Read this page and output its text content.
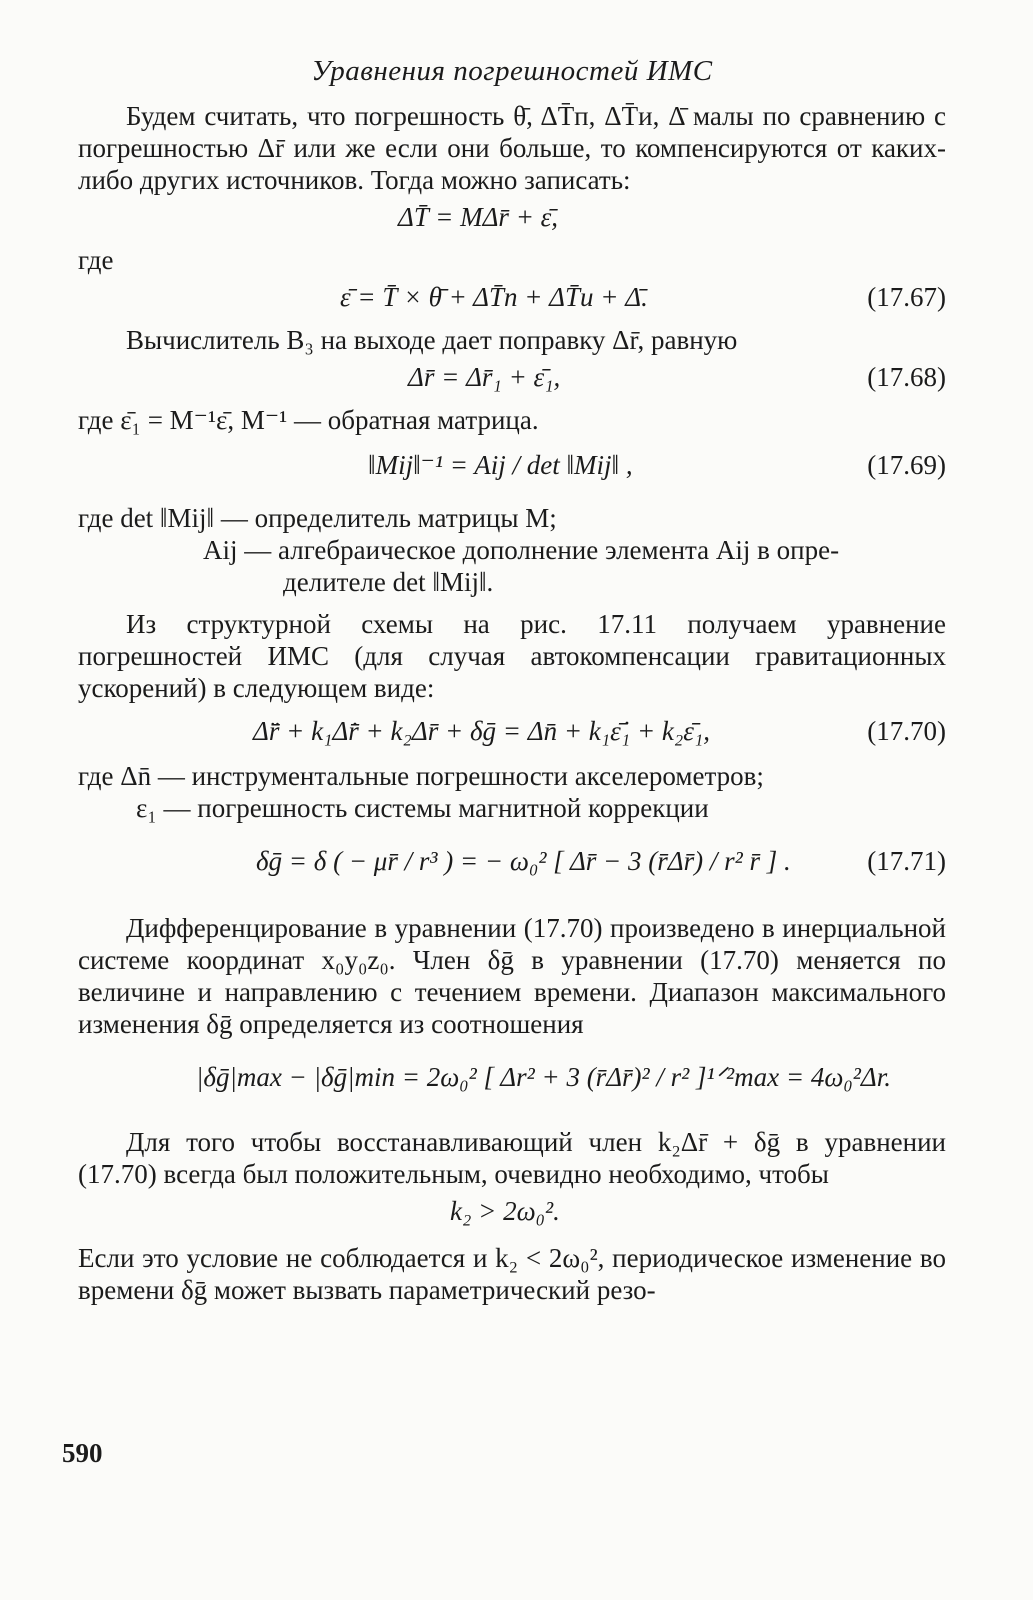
Уравнения погрешностей ИМС

Будем считать, что погрешность θ̄, ΔT̄п, ΔT̄и, Δ̄ малы по сравнению с погрешностью Δr̄ или же если они больше, то компенсируются от каких-либо других источников. Тогда можно записать:

ΔT̄ = MΔr̄ + ε̄,
где
ε̄ = T̄ × θ̄ + ΔT̄п + ΔT̄и + Δ̄.	(17.67)

Вычислитель B₃ на выходе дает поправку Δr̄, равную

Δr̄ = Δr̄₁ + ε̄₁,	(17.68)

где ε̄₁ = M⁻¹ε̄, M⁻¹ — обратная матрица.

‖Mij‖⁻¹ = Aij / det ‖Mij‖ ,	(17.69)
где det ‖Mij‖ — определитель матрицы M;
Aij — алгебраическое дополнение элемента Aij в опре-
делителе det ‖Mij‖.

Из структурной схемы на рис. 17.11 получаем уравнение погрешностей ИМС (для случая автокомпенсации гравитационных ускорений) в следующем виде:

Δr̄̈ + k₁Δr̄̇ + k₂Δr̄ + δḡ = Δn̄ + k₁ε̄̇₁ + k₂ε̄₁,	(17.70)
где Δn̄ — инструментальные погрешности акселерометров;
ε₁ — погрешность системы магнитной коррекции
δḡ = δ ( − μr̄ / r³ ) = − ω₀² [ Δr̄ − 3 (r̄Δr̄) / r² r̄ ] .	(17.71)

Дифференцирование в уравнении (17.70) произведено в инерциальной системе координат x₀y₀z₀. Член δḡ в уравнении (17.70) меняется по величине и направлению с течением времени. Диапазон максимального изменения δḡ определяется из соотношения

|δḡ|max − |δḡ|min = 2ω₀² [ Δr² + 3 (r̄Δr̄)² / r² ]¹ᐟ²max = 4ω₀²Δr.

Для того чтобы восстанавливающий член k₂Δr̄ + δḡ в уравнении (17.70) всегда был положительным, очевидно необходимо, чтобы

k₂ > 2ω₀².

Если это условие не соблюдается и k₂ < 2ω₀², периодическое изменение во времени δḡ может вызвать параметрический резо-

590
